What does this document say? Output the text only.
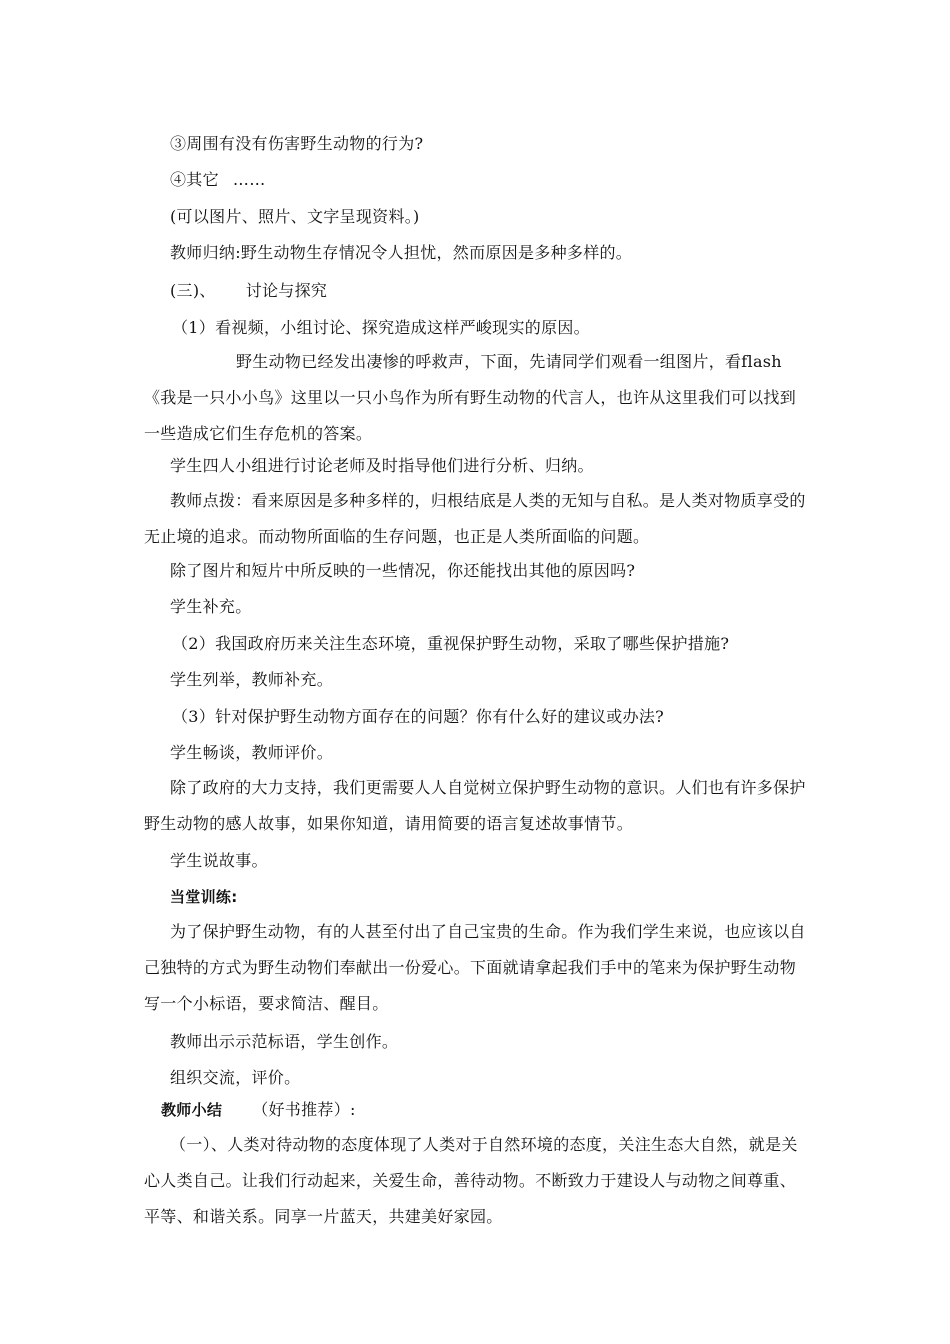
③周围有没有伤害野生动物的行为?
④其它 ……
(可以图片、照片、文字呈现资料。)
教师归纳:野生动物生存情况令人担忧，然而原因是多种多样的。
(三)、 讨论与探究
（1）看视频，小组讨论、探究造成这样严峻现实的原因。

野生动物已经发出凄惨的呼救声，下面，先请同学们观看一组图片，看flash《我是一只小小鸟》这里以一只小鸟作为所有野生动物的代言人，也许从这里我们可以找到一些造成它们生存危机的答案。

学生四人小组进行讨论老师及时指导他们进行分析、归纳。

教师点拨：看来原因是多种多样的，归根结底是人类的无知与自私。是人类对物质享受的无止境的追求。而动物所面临的生存问题，也正是人类所面临的问题。

除了图片和短片中所反映的一些情况，你还能找出其他的原因吗?
学生补充。
（2）我国政府历来关注生态环境，重视保护野生动物，采取了哪些保护措施?
学生列举，教师补充。
（3）针对保护野生动物方面存在的问题？你有什么好的建议或办法?
学生畅谈，教师评价。

除了政府的大力支持，我们更需要人人自觉树立保护野生动物的意识。人们也有许多保护野生动物的感人故事，如果你知道，请用简要的语言复述故事情节。

学生说故事。
当堂训练:

为了保护野生动物，有的人甚至付出了自己宝贵的生命。作为我们学生来说，也应该以自己独特的方式为野生动物们奉献出一份爱心。下面就请拿起我们手中的笔来为保护野生动物写一个小标语，要求简洁、醒目。

教师出示示范标语，学生创作。
组织交流，评价。
教师小结 （好书推荐）:

（一）、人类对待动物的态度体现了人类对于自然环境的态度，关注生态大自然，就是关心人类自己。让我们行动起来，关爱生命，善待动物。不断致力于建设人与动物之间尊重、平等、和谐关系。同享一片蓝天，共建美好家园。
